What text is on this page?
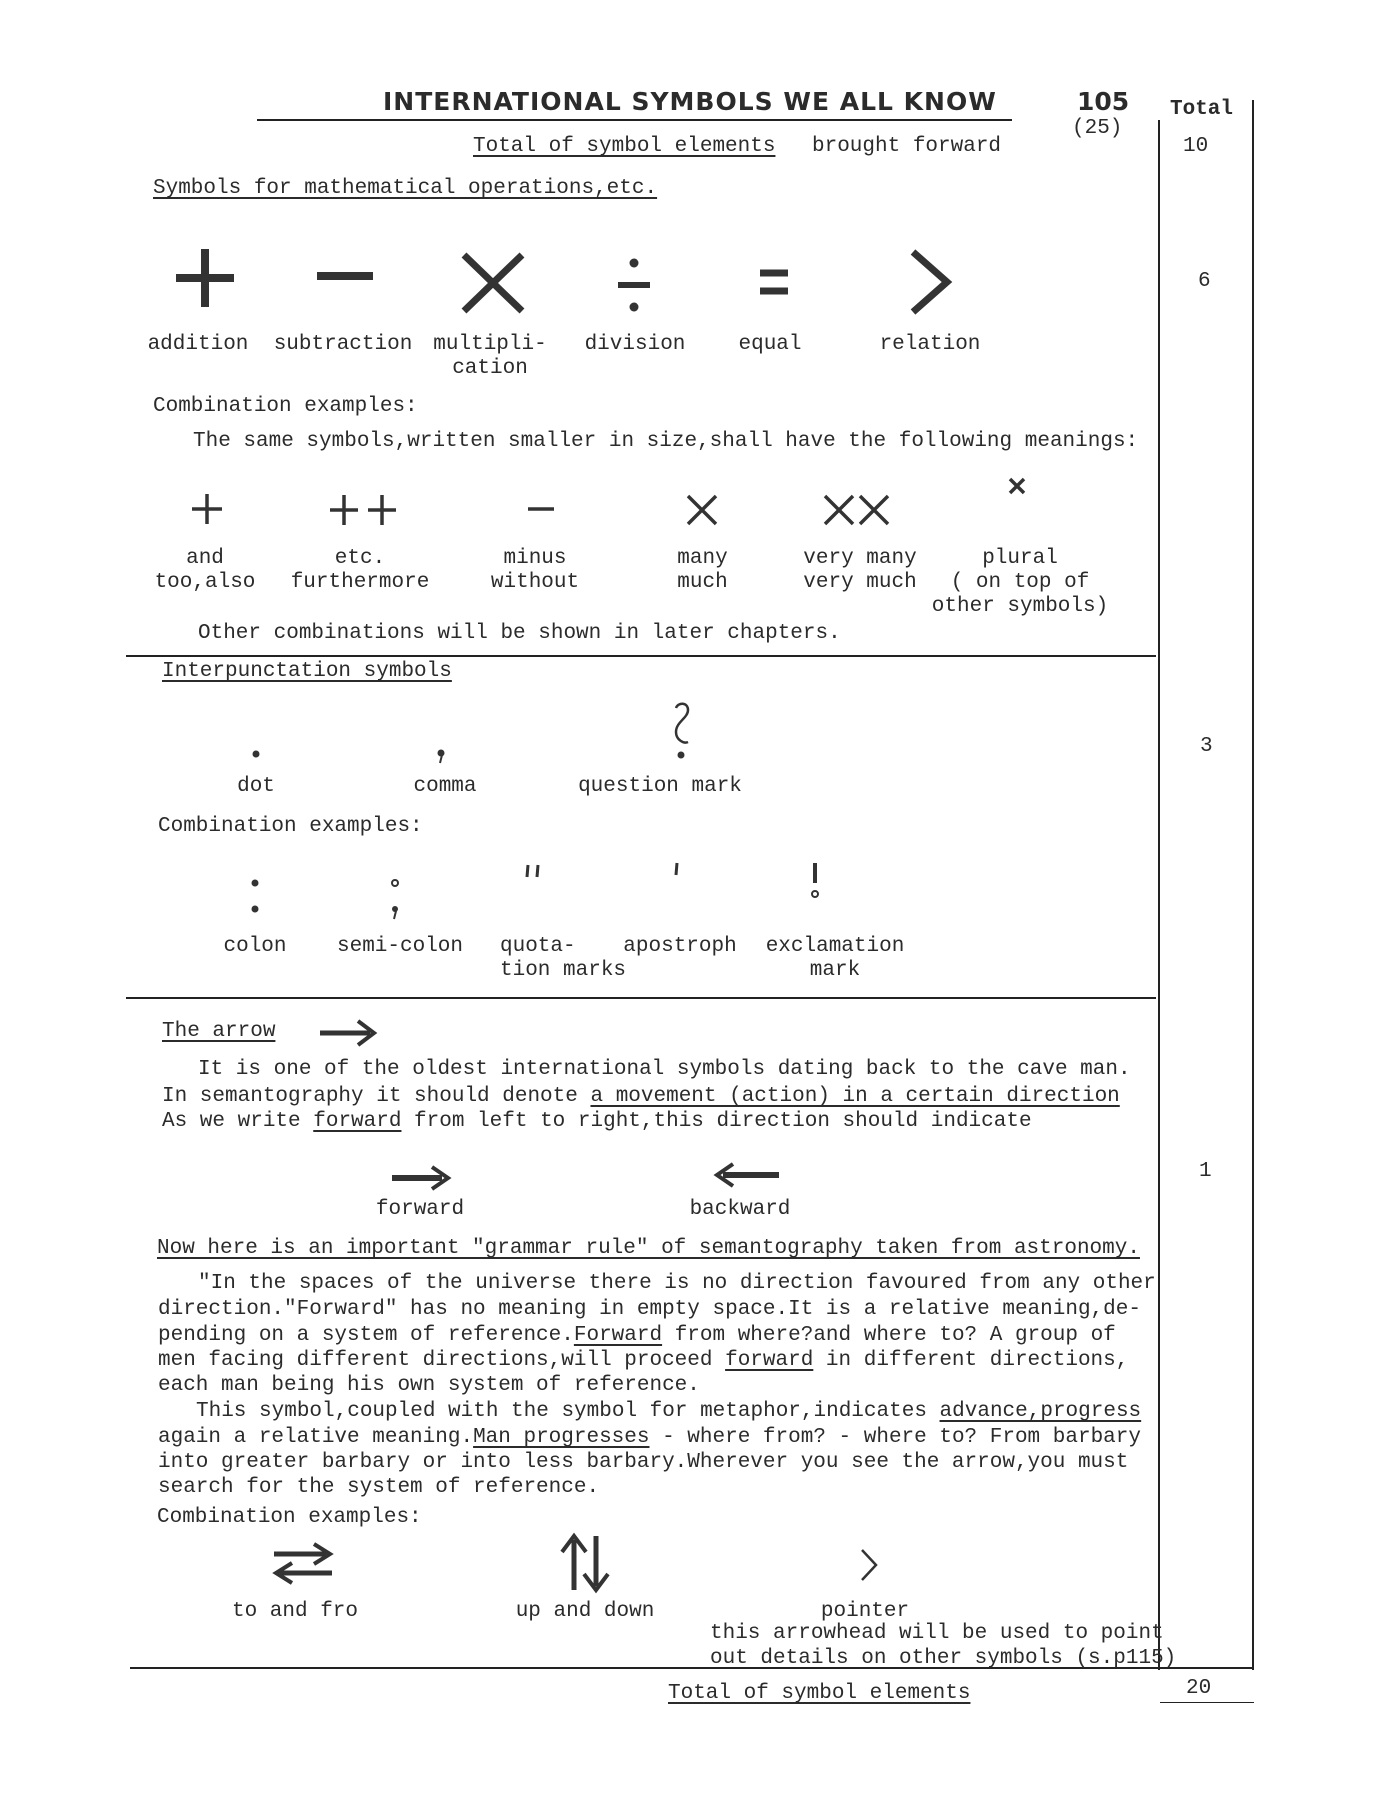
INTERNATIONAL SYMBOLS WE ALL KNOW	105
(25)
Total
Total of symbol elements brought forward	10
Symbols for mathematical operations,etc.
6
addition	subtraction multipli-
cation
division	equal	relation
Combination examples:
The same symbols,written smaller in size,shall have the following meanings:
and
too,also
etc.
furthermore
minus
without
many
much
very many
very much
plural
( on top of
other symbols)
Other combinations will be shown in later chapters.
Interpunctation symbols
3
dot	comma	question mark
Combination examples:
colon	semi-colon	quota-
tion marks
apostroph	exclamation
mark
The arrow
1
It is one of the oldest international symbols dating back to the cave man.
In semantography it should denote a movement (action) in a certain direction
As we write forward from left to right,this direction should indicate
forward	backward
Now here is an important "grammar rule" of semantography taken from astronomy.
"In the spaces of the universe there is no direction favoured from any other
direction."Forward" has no meaning in empty space.It is a relative meaning,de-
pending on a system of reference.Forward from where?and where to? A group of
men facing different directions,will proceed forward in different directions,
each man being his own system of reference.
This symbol,coupled with the symbol for metaphor,indicates advance,progress
again a relative meaning.Man progresses - where from? - where to? From barbary
into greater barbary or into less barbary.Wherever you see the arrow,you must
search for the system of reference.
Combination examples:
to and fro	up and down	pointer
this arrowhead will be used to point
out details on other symbols (s.p115)
Total of symbol elements	20
